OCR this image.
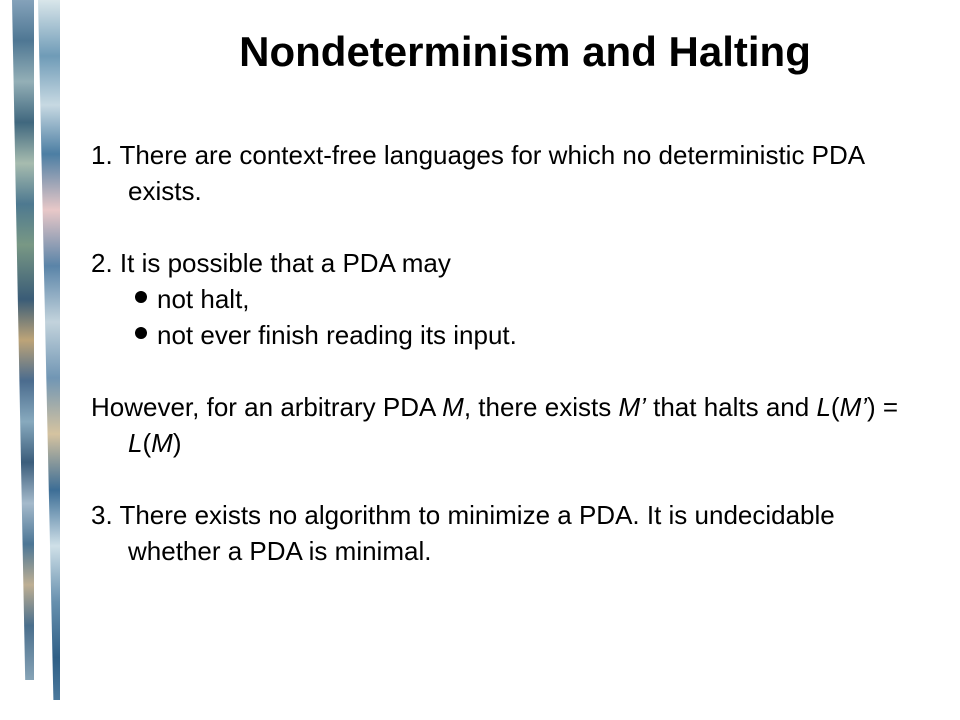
Nondeterminism and Halting

1. There are context-free languages for which no deterministic PDA exists.

2. It is possible that a PDA may

not halt,
not ever finish reading its input.

However, for an arbitrary PDA M, there exists M’ that halts and L(M’) = L(M)

3. There exists no algorithm to minimize a PDA. It is undecidable whether a PDA is minimal.
